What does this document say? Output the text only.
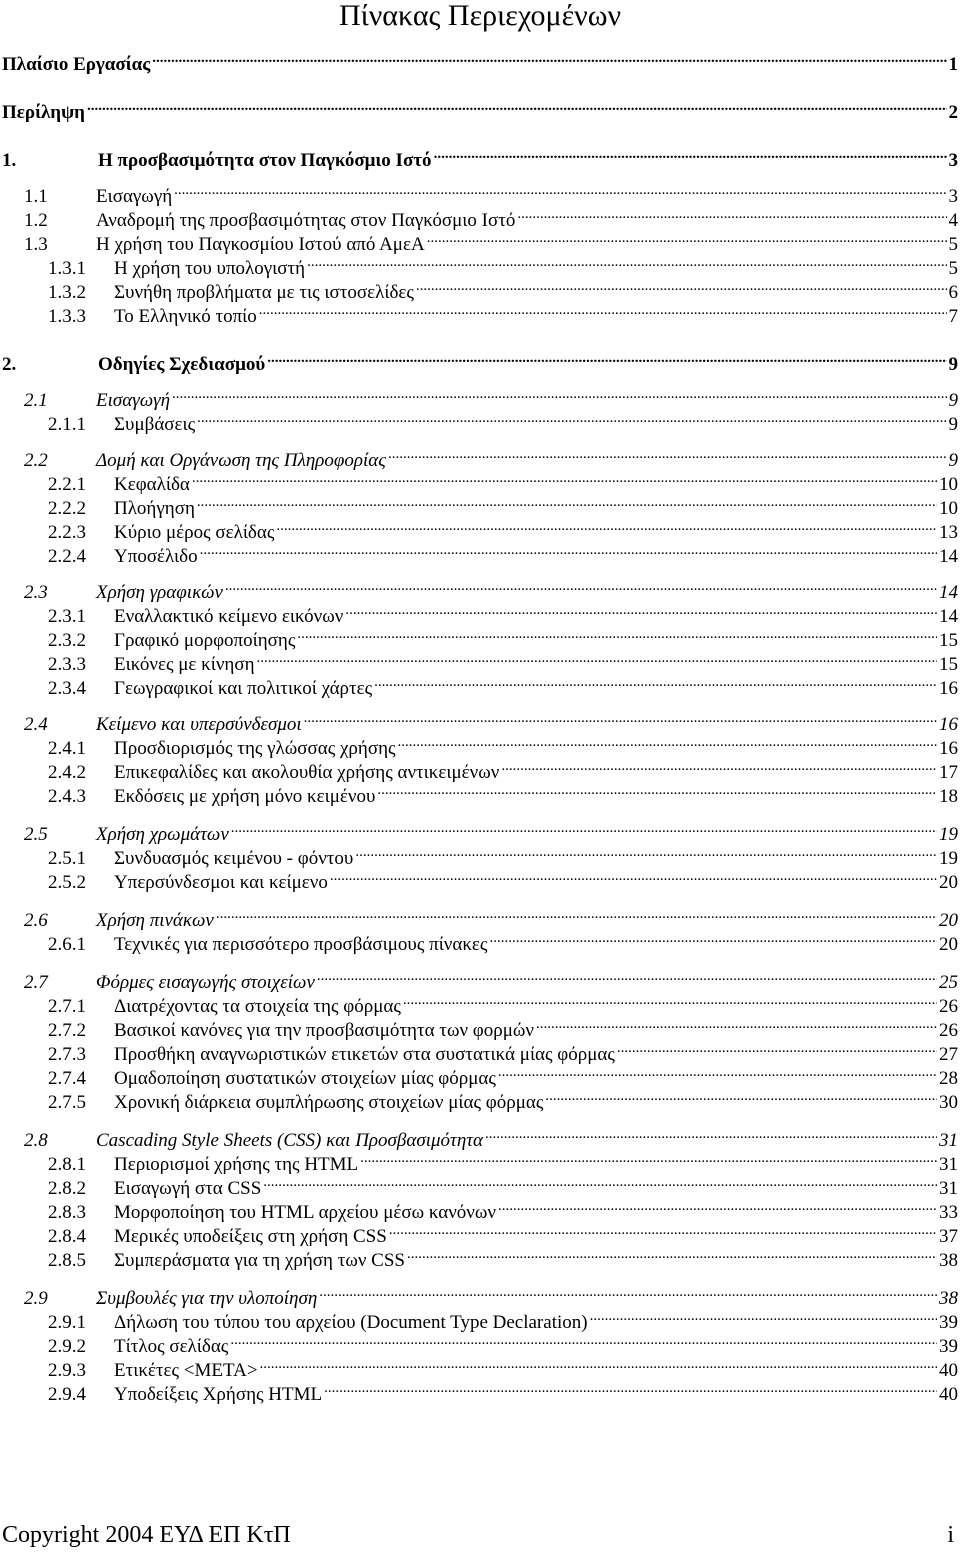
Πίνακας Περιεχομένων
Πλαίσιο Εργασίας .....	1
Περίληψη .....	2
1.	Η προσβασιμότητα στον Παγκόσμιο Ιστό .....	3
1.1	Εισαγωγή .....	3
1.2	Αναδρομή της προσβασιμότητας στον Παγκόσμιο Ιστό .....	4
1.3	Η χρήση του Παγκοσμίου Ιστού από ΑμεΑ .....	5
1.3.1	Η χρήση του υπολογιστή .....	5
1.3.2	Συνήθη προβλήματα με τις ιστοσελίδες .....	6
1.3.3	Το Ελληνικό τοπίο .....	7
2.	Οδηγίες Σχεδιασμού .....	9
2.1	Εισαγωγή .....	9
2.1.1	Συμβάσεις .....	9
2.2	Δομή και Οργάνωση της Πληροφορίας .....	9
2.2.1	Κεφαλίδα .....	10
2.2.2	Πλοήγηση .....	10
2.2.3	Κύριο μέρος σελίδας .....	13
2.2.4	Υποσέλιδο .....	14
2.3	Χρήση γραφικών .....	14
2.3.1	Εναλλακτικό κείμενο εικόνων .....	14
2.3.2	Γραφικό μορφοποίησης .....	15
2.3.3	Εικόνες με κίνηση .....	15
2.3.4	Γεωγραφικοί και πολιτικοί χάρτες .....	16
2.4	Κείμενο και υπερσύνδεσμοι .....	16
2.4.1	Προσδιορισμός της γλώσσας χρήσης .....	16
2.4.2	Επικεφαλίδες και ακολουθία χρήσης αντικειμένων .....	17
2.4.3	Εκδόσεις με χρήση μόνο κειμένου .....	18
2.5	Χρήση χρωμάτων .....	19
2.5.1	Συνδυασμός κειμένου - φόντου .....	19
2.5.2	Υπερσύνδεσμοι και κείμενο .....	20
2.6	Χρήση πινάκων .....	20
2.6.1	Τεχνικές για περισσότερο προσβάσιμους πίνακες .....	20
2.7	Φόρμες εισαγωγής στοιχείων .....	25
2.7.1	Διατρέχοντας τα στοιχεία της φόρμας .....	26
2.7.2	Βασικοί κανόνες για την προσβασιμότητα των φορμών .....	26
2.7.3	Προσθήκη αναγνωριστικών ετικετών στα συστατικά μίας φόρμας .....	27
2.7.4	Ομαδοποίηση συστατικών στοιχείων μίας φόρμας .....	28
2.7.5	Χρονική διάρκεια συμπλήρωσης στοιχείων μίας φόρμας .....	30
2.8	Cascading Style Sheets (CSS) και Προσβασιμότητα .....	31
2.8.1	Περιορισμοί χρήσης της HTML .....	31
2.8.2	Εισαγωγή στα CSS .....	31
2.8.3	Μορφοποίηση του HTML αρχείου μέσω κανόνων .....	33
2.8.4	Μερικές υποδείξεις στη χρήση CSS .....	37
2.8.5	Συμπεράσματα για τη χρήση των CSS .....	38
2.9	Συμβουλές για την υλοποίηση .....	38
2.9.1	Δήλωση του τύπου του αρχείου (Document Type Declaration) .....	39
2.9.2	Τίτλος σελίδας .....	39
2.9.3	Ετικέτες <META> .....	40
2.9.4	Υποδείξεις Χρήσης HTML .....	40
Copyright 2004 ΕΥΔ ΕΠ ΚτΠ	i
